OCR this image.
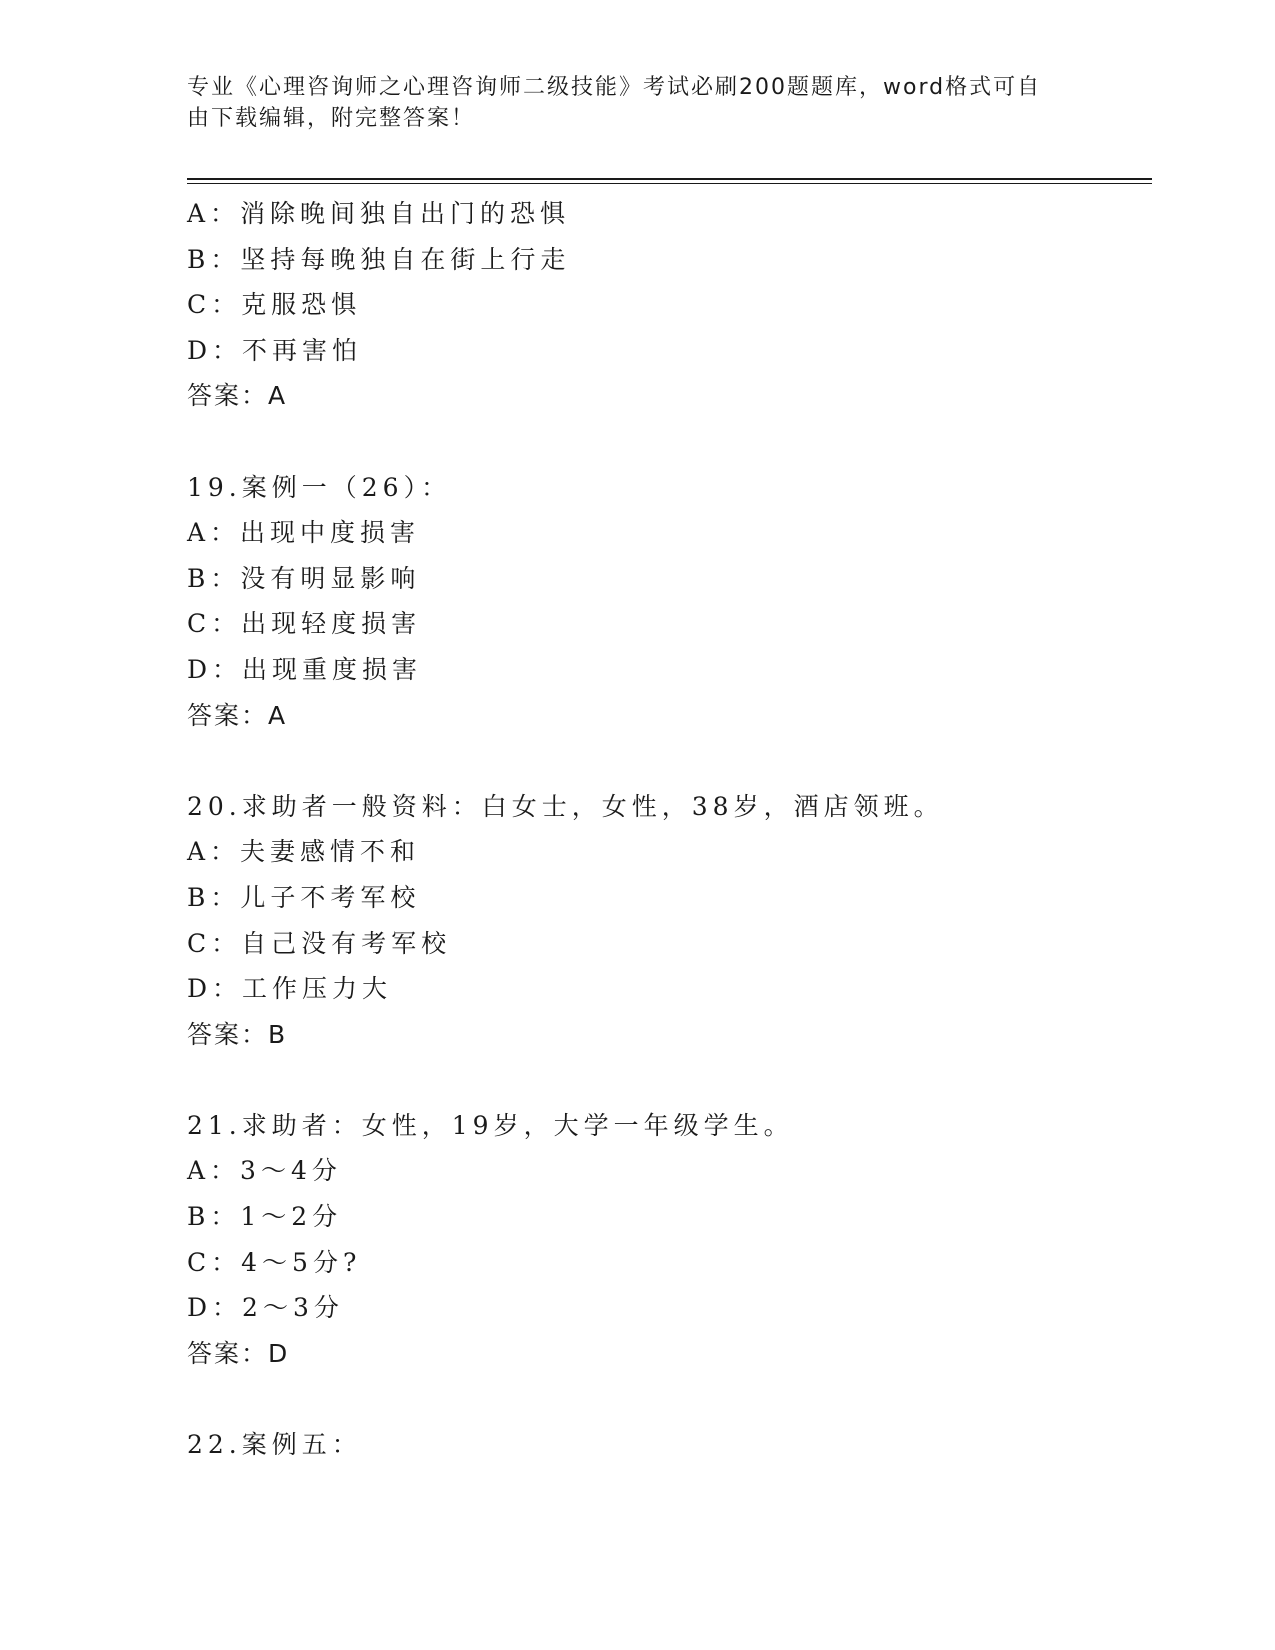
专业《心理咨询师之心理咨询师二级技能》考试必刷200题题库，word格式可自
由下载编辑，附完整答案！
A：消除晚间独自出门的恐惧
B：坚持每晚独自在街上行走
C：克服恐惧
D：不再害怕
答案：A
19.案例一（26）：
A：出现中度损害
B：没有明显影响
C：出现轻度损害
D：出现重度损害
答案：A
20.求助者一般资料：白女士，女性，38岁，酒店领班。
A：夫妻感情不和
B：儿子不考军校
C：自己没有考军校
D：工作压力大
答案：B
21.求助者：女性，19岁，大学一年级学生。
A：3～4分
B：1～2分
C：4～5分?
D：2～3分
答案：D
22.案例五：
